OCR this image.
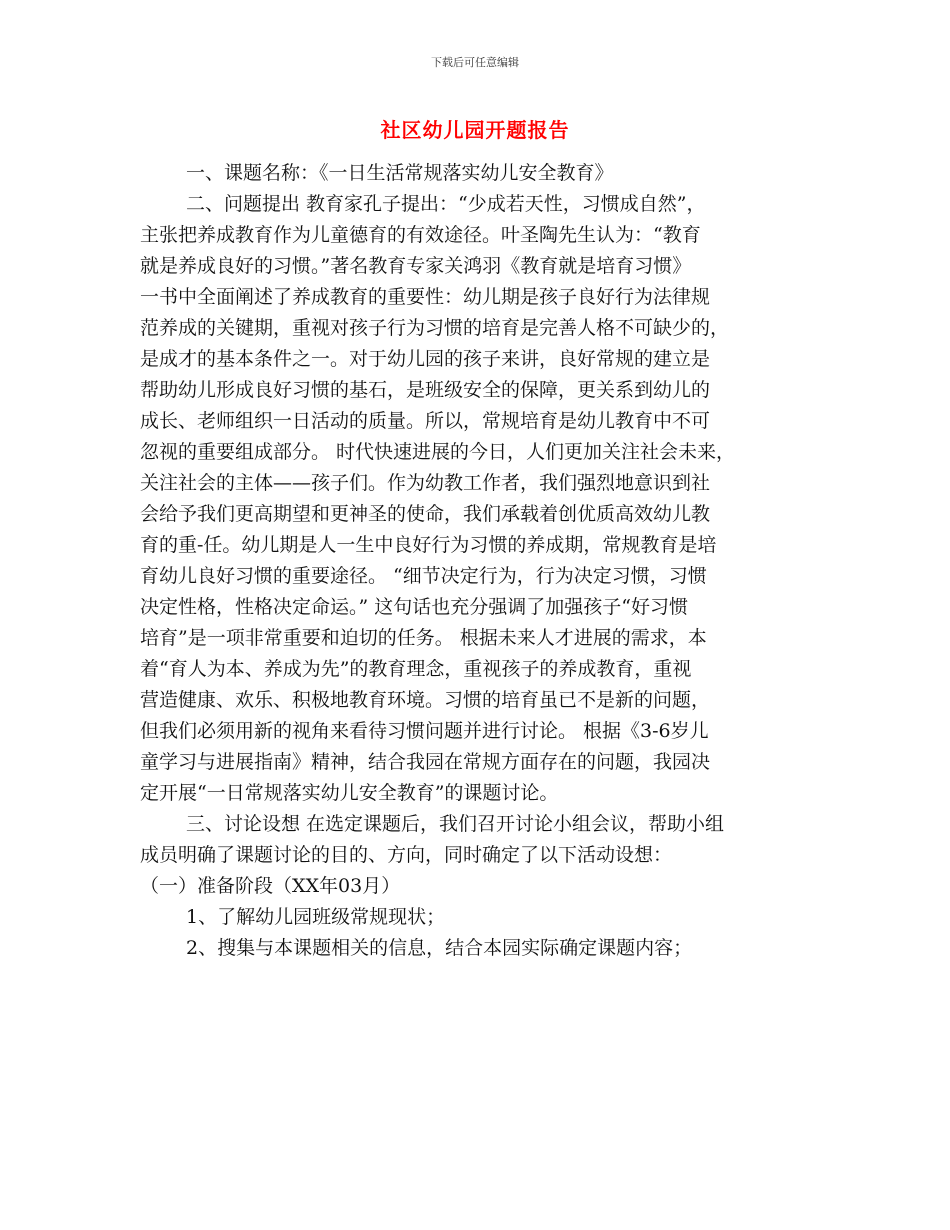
下载后可任意编辑
社区幼儿园开题报告
一、课题名称：《一日生活常规落实幼儿安全教育》
二、问题提出 教育家孔子提出：“少成若天性，习惯成自然”，
主张把养成教育作为儿童德育的有效途径。叶圣陶先生认为：“教育
就是养成良好的习惯。”著名教育专家关鸿羽《教育就是培育习惯》
一书中全面阐述了养成教育的重要性：幼儿期是孩子良好行为法律规
范养成的关键期，重视对孩子行为习惯的培育是完善人格不可缺少的，
是成才的基本条件之一。对于幼儿园的孩子来讲，良好常规的建立是
帮助幼儿形成良好习惯的基石，是班级安全的保障，更关系到幼儿的
成长、老师组织一日活动的质量。所以，常规培育是幼儿教育中不可
忽视的重要组成部分。 时代快速进展的今日，人们更加关注社会未来，
关注社会的主体——孩子们。作为幼教工作者，我们强烈地意识到社
会给予我们更高期望和更神圣的使命，我们承载着创优质高效幼儿教
育的重-任。幼儿期是人一生中良好行为习惯的养成期，常规教育是培
育幼儿良好习惯的重要途径。 “细节决定行为，行为决定习惯，习惯
决定性格，性格决定命运。” 这句话也充分强调了加强孩子“好习惯
培育”是一项非常重要和迫切的任务。 根据未来人才进展的需求，本
着“育人为本、养成为先”的教育理念，重视孩子的养成教育，重视
营造健康、欢乐、积极地教育环境。习惯的培育虽已不是新的问题，
但我们必须用新的视角来看待习惯问题并进行讨论。 根据《3-6岁儿
童学习与进展指南》精神，结合我园在常规方面存在的问题，我园决
定开展“一日常规落实幼儿安全教育”的课题讨论。
三、讨论设想 在选定课题后，我们召开讨论小组会议，帮助小组
成员明确了课题讨论的目的、方向，同时确定了以下活动设想：
（一）准备阶段（XX年03月）
1、了解幼儿园班级常规现状；
2、搜集与本课题相关的信息，结合本园实际确定课题内容；
